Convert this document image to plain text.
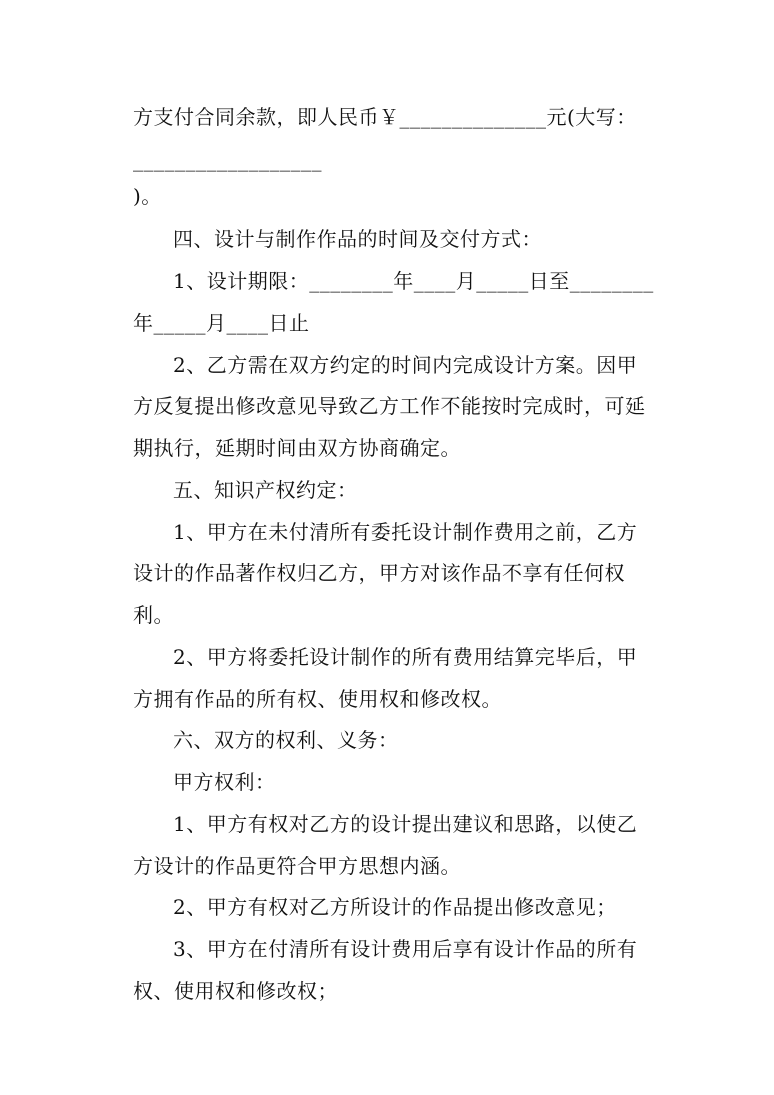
方支付合同余款，即人民币￥______________元(大写：
__________________
)。
四、设计与制作作品的时间及交付方式：
1、设计期限：________年____月_____日至________
年_____月____日止
2、乙方需在双方约定的时间内完成设计方案。因甲
方反复提出修改意见导致乙方工作不能按时完成时，可延
期执行，延期时间由双方协商确定。
五、知识产权约定：
1、甲方在未付清所有委托设计制作费用之前，乙方
设计的作品著作权归乙方，甲方对该作品不享有任何权
利。
2、甲方将委托设计制作的所有费用结算完毕后，甲
方拥有作品的所有权、使用权和修改权。
六、双方的权利、义务：
甲方权利：
1、甲方有权对乙方的设计提出建议和思路，以使乙
方设计的作品更符合甲方思想内涵。
2、甲方有权对乙方所设计的作品提出修改意见；
3、甲方在付清所有设计费用后享有设计作品的所有
权、使用权和修改权；
